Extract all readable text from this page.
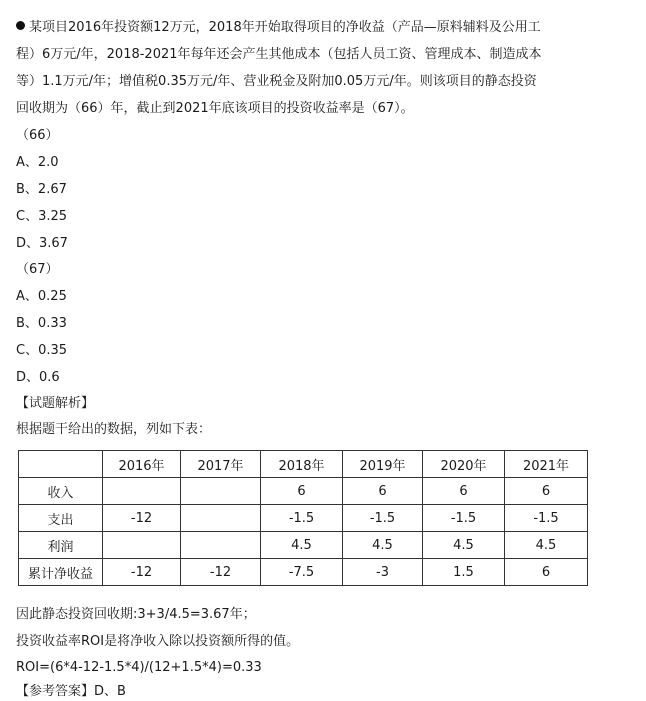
某项目2016年投资额12万元，2018年开始取得项目的净收益（产品—原料辅料及公用工
程）6万元/年，2018-2021年每年还会产生其他成本（包括人员工资、管理成本、制造成本
等）1.1万元/年；增值税0.35万元/年、营业税金及附加0.05万元/年。则该项目的静态投资
回收期为（66）年，截止到2021年底该项目的投资收益率是（67）。
（66）
A、2.0
B、2.67
C、3.25
D、3.67
（67）
A、0.25
B、0.33
C、0.35
D、0.6
【试题解析】
根据题干给出的数据，列如下表：
	2016年	2017年	2018年	2019年	2020年	2021年
收入			6	6	6	6
支出	-12		-1.5	-1.5	-1.5	-1.5
利润			4.5	4.5	4.5	4.5
累计净收益	-12	-12	-7.5	-3	1.5	6
因此静态投资回收期:3+3/4.5=3.67年；
投资收益率ROI是将净收入除以投资额所得的值。
ROI=(6*4-12-1.5*4)/(12+1.5*4)=0.33
【参考答案】D、B
